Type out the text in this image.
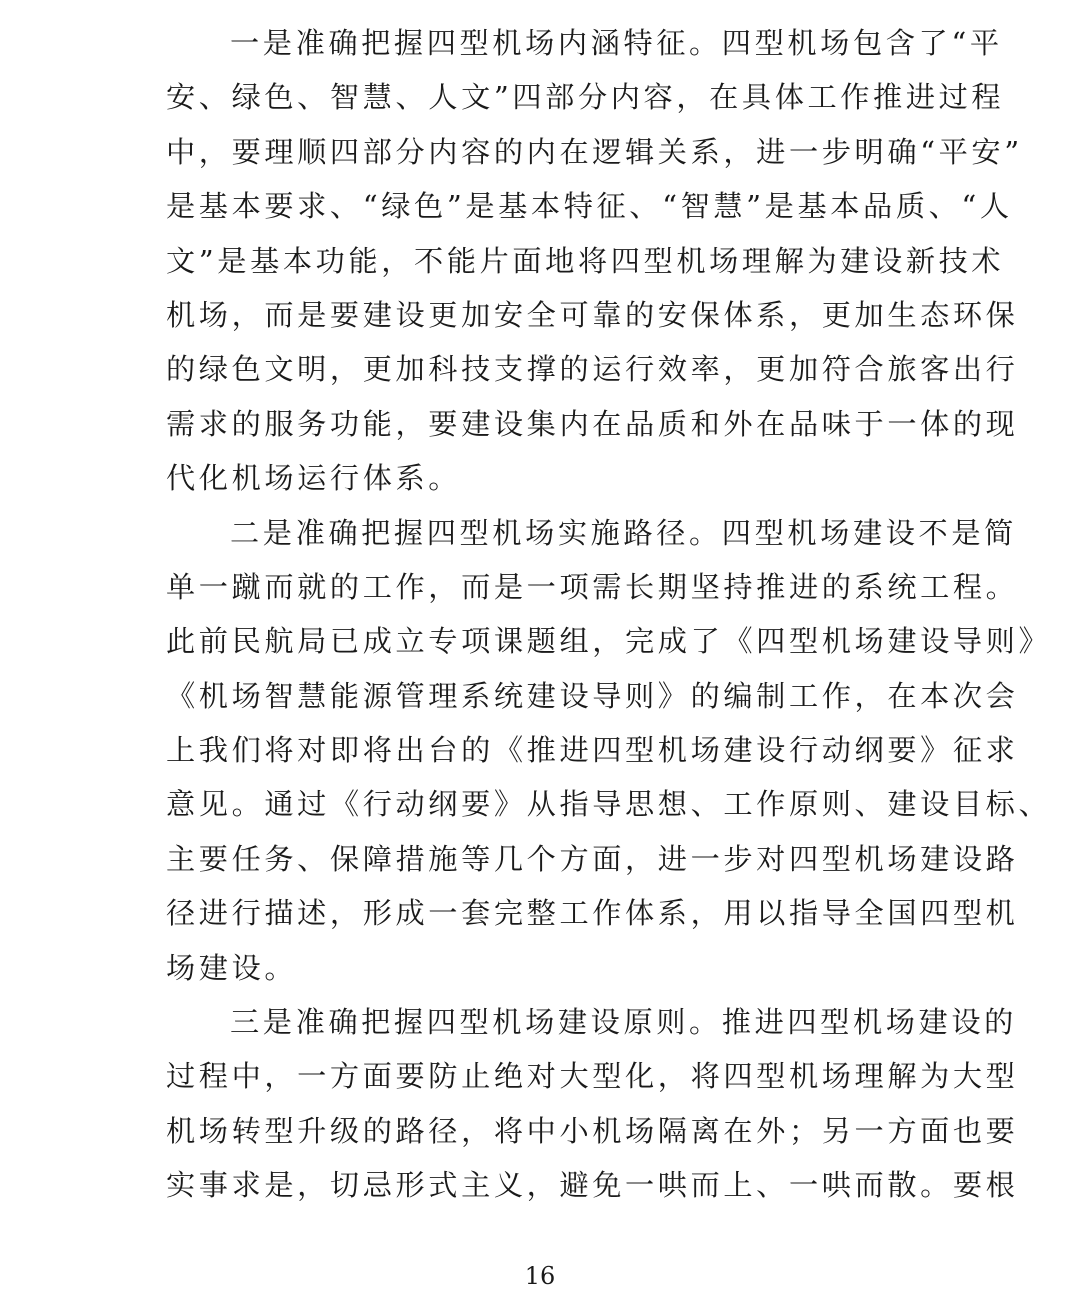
一是准确把握四型机场内涵特征。四型机场包含了“平
安、绿色、智慧、人文”四部分内容，在具体工作推进过程
中，要理顺四部分内容的内在逻辑关系，进一步明确“平安”
是基本要求、“绿色”是基本特征、“智慧”是基本品质、“人
文”是基本功能，不能片面地将四型机场理解为建设新技术
机场，而是要建设更加安全可靠的安保体系，更加生态环保
的绿色文明，更加科技支撑的运行效率，更加符合旅客出行
需求的服务功能，要建设集内在品质和外在品味于一体的现
代化机场运行体系。
二是准确把握四型机场实施路径。四型机场建设不是简
单一蹴而就的工作，而是一项需长期坚持推进的系统工程。
此前民航局已成立专项课题组，完成了《四型机场建设导则》
《机场智慧能源管理系统建设导则》的编制工作，在本次会
上我们将对即将出台的《推进四型机场建设行动纲要》征求
意见。通过《行动纲要》从指导思想、工作原则、建设目标、
主要任务、保障措施等几个方面，进一步对四型机场建设路
径进行描述，形成一套完整工作体系，用以指导全国四型机
场建设。
三是准确把握四型机场建设原则。推进四型机场建设的
过程中，一方面要防止绝对大型化，将四型机场理解为大型
机场转型升级的路径，将中小机场隔离在外；另一方面也要
实事求是，切忌形式主义，避免一哄而上、一哄而散。要根
16
